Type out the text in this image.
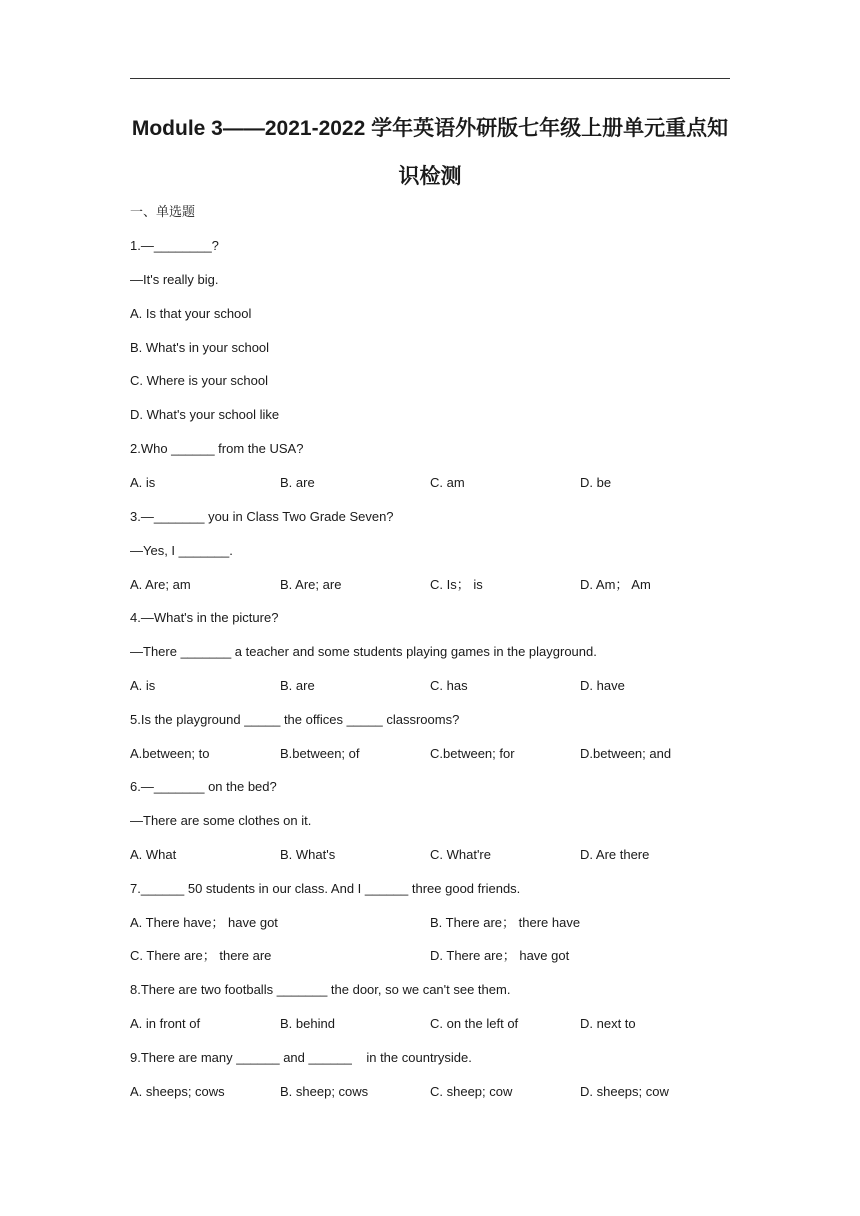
Module 3——2021-2022 学年英语外研版七年级上册单元重点知
识检测
一、单选题
1.—________?
—It's really big.
A. Is that your school
B. What's in your school
C. Where is your school
D. What's your school like
2.Who ______ from the USA?
A. is	B. are	C. am	D. be
3.—_______ you in Class Two Grade Seven?
—Yes, I _______.
A. Are; am	B. Are; are	C. Is； is	D. Am； Am
4.—What's in the picture?
—There _______ a teacher and some students playing games in the playground.
A. is	B. are	C. has	D. have
5.Is the playground _____ the offices _____ classrooms?
A.between; to	B.between; of	C.between; for	D.between; and
6.—_______ on the bed?
—There are some clothes on it.
A. What	B. What's	C. What're	D. Are there
7.______ 50 students in our class. And I ______ three good friends.
A. There have； have got	B. There are； there have
C. There are； there are	D. There are； have got
8.There are two footballs _______ the door, so we can't see them.
A. in front of	B. behind	C. on the left of	D. next to
9.There are many ______ and ______    in the countryside.
A. sheeps; cows	B. sheep; cows	C. sheep; cow	D. sheeps; cow
